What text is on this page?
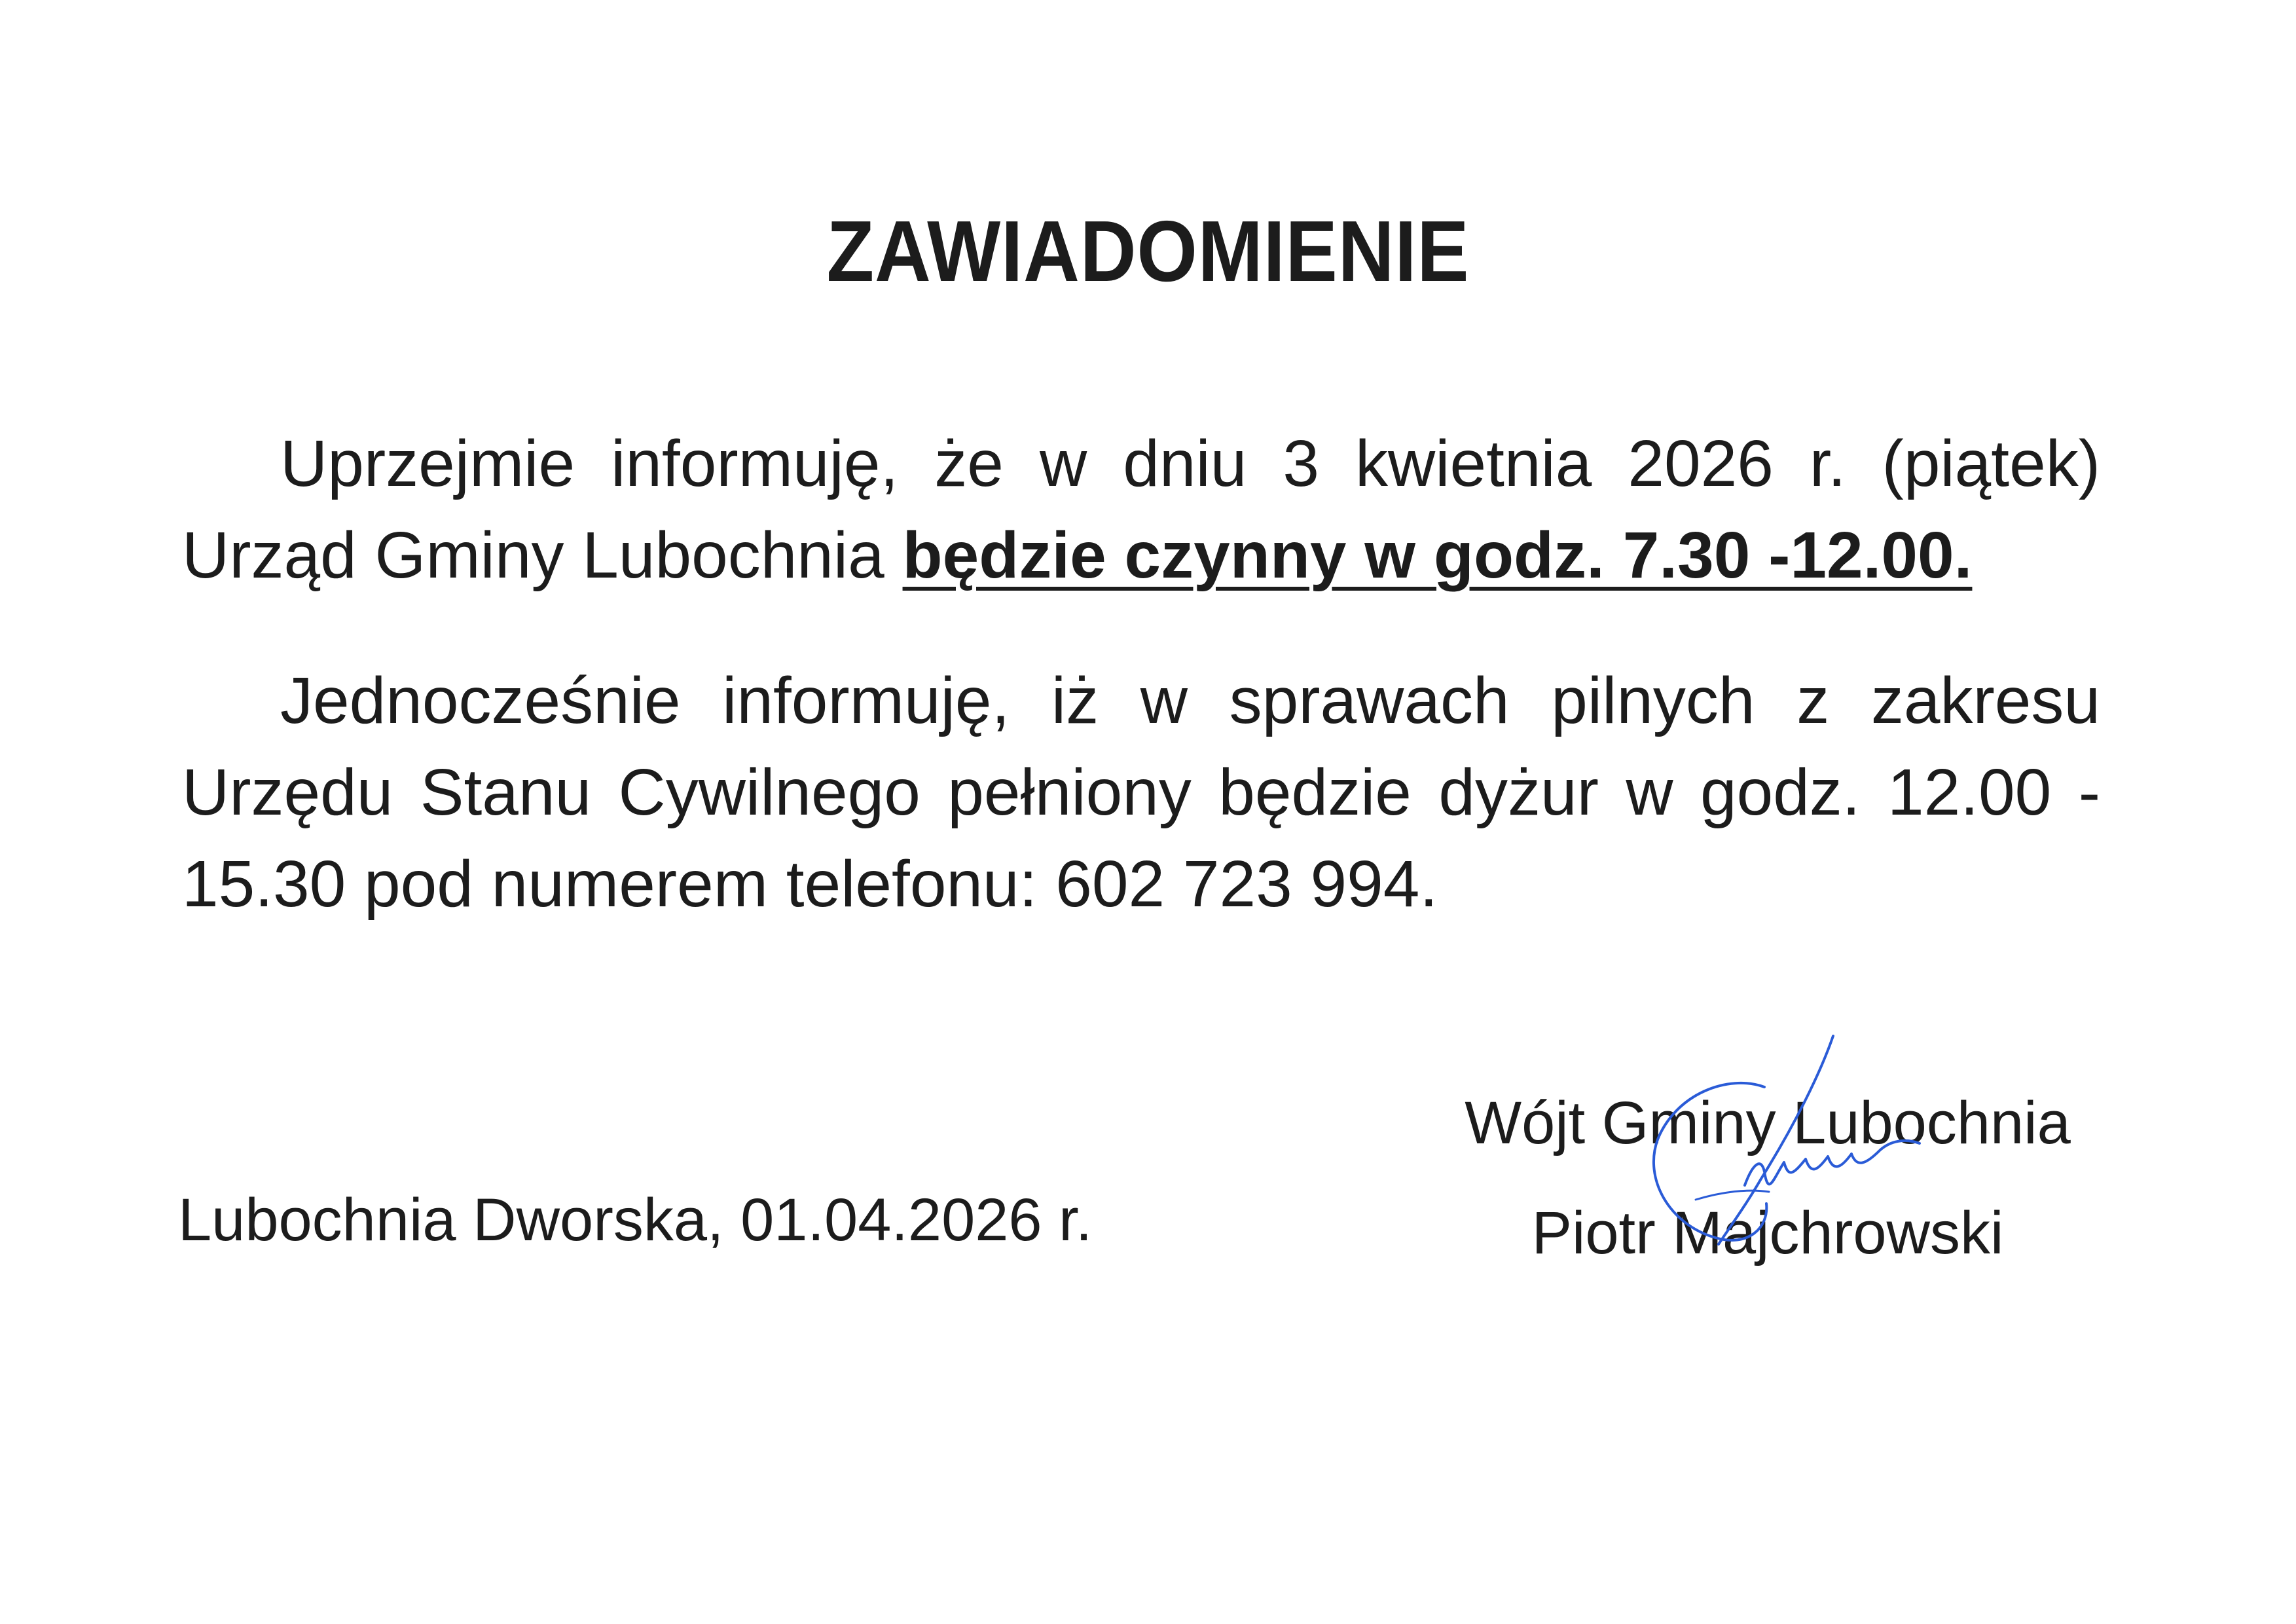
ZAWIADOMIENIE

Uprzejmie informuję, że w dniu 3 kwietnia 2026 r. (piątek) Urząd Gminy Lubochnia będzie czynny w godz. 7.30 -12.00.

Jednocześnie informuję, iż w sprawach pilnych z zakresu Urzędu Stanu Cywilnego pełniony będzie dyżur w godz. 12.00 - 15.30 pod numerem telefonu: 602 723 994.

Lubochnia Dworska, 01.04.2026 r.
Wójt Gminy Lubochnia
Piotr Majchrowski
